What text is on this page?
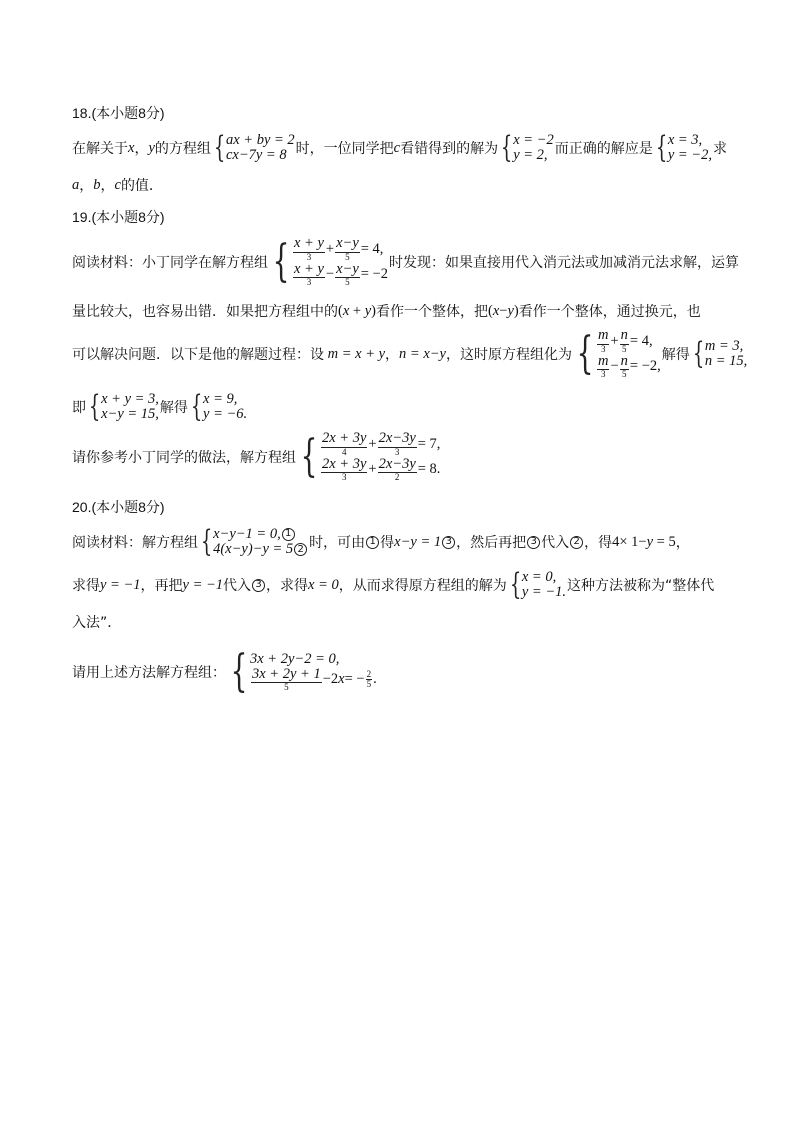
18.(本小题8分)
在解关于 x ， y 的方程组 { ax + by = 2
cx−7y = 8 时，一位同学把 c 看错得到的解为 { x = −2
y = 2, 而正确的解应是 { x = 3,
y = −2, 求
a ， b ， c 的值．
19.(本小题8分)
阅读材料：小丁同学在解方程组 { $\frac{x + y}{3} + \frac{x-y}{5} = 4$,
$\frac{x + y}{3} - \frac{x-y}{5} = -2$
时发现：如果直接用代入消元法或加减消元法求解，运算
量比较大，也容易出错．如果把方程组中的 (x + y) 看作一个整体，把 (x−y) 看作一个整体，通过换元，也
可以解决问题．以下是他的解题过程：设 m = x + y ， n = x−y ，这时原方程组化为 { $\frac{m}{3} + \frac{n}{5} = 4$,
$\frac{m}{3} - \frac{n}{5} = -2$,
解得 { m = 3,
n = 15,
即 { x + y = 3,
x−y = 15, 解得 { x = 9,
y = −6.
请你参考小丁同学的做法，解方程组 { $\frac{2x + 3y}{4} + \frac{2x-3y}{3} = 7$,
$\frac{2x + 3y}{3} + \frac{2x-3y}{2} = 8$.
20.(本小题8分)
阅读材料：解方程组 { x−y−1 = 0, 1
4(x−y)−y = 5 2 时，可由 1 得 x−y = 1 3 ，然后再把 3 代入 2 ，得 4× 1−y = 5 ，
求得 y = −1 ，再把 y = −1 代入 3 ，求得 x = 0 ，从而求得原方程组的解为 { x = 0,
y = −1. 这种方法被称为“整体代
入法”．
请用上述方法解方程组： { 3x + 2y−2 = 0,
$\frac{3x + 2y + 1}{5} -2$ x = − $\frac{2}{5}$ .
